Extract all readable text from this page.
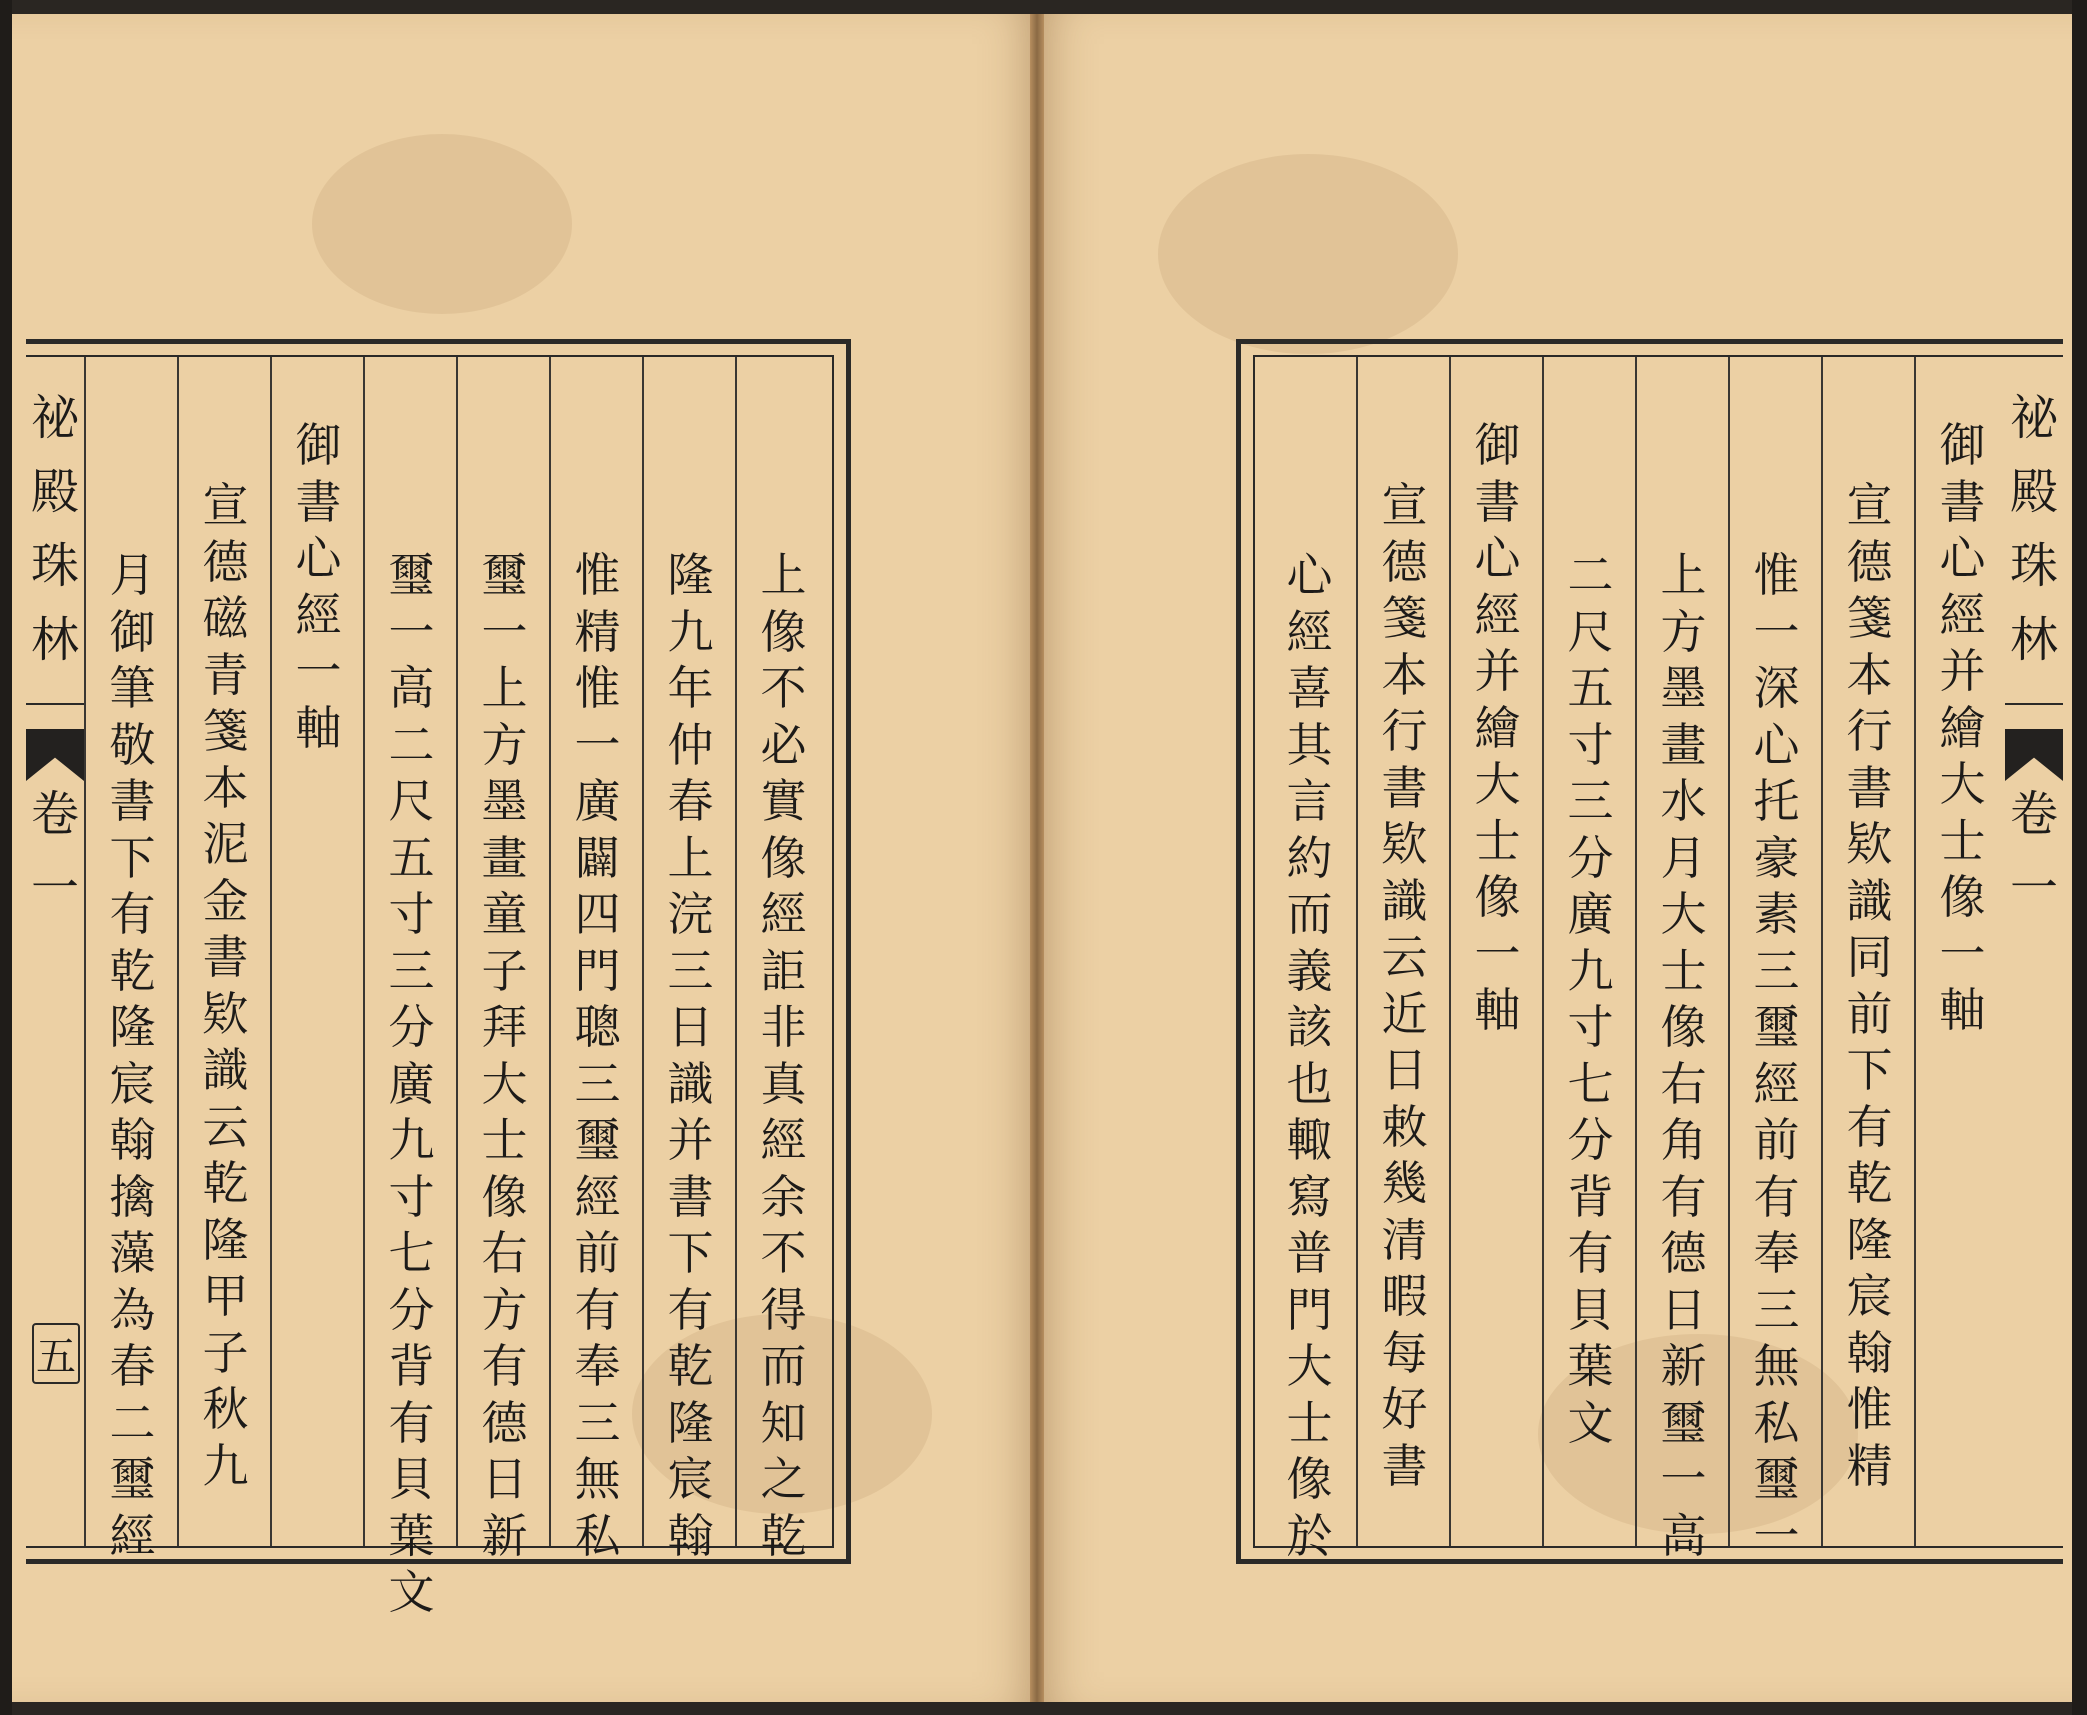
祕
殿
珠
林
卷
一
五
上
像
不
必
實
像
經
詎
非
真
經
余
不
得
而
知
之
乾
隆
九
年
仲
春
上
浣
三
日
識
并
書
下
有
乾
隆
宸
翰
惟
精
惟
一
廣
闢
四
門
聰
三
璽
經
前
有
奉
三
無
私
璽
一
上
方
墨
畫
童
子
拜
大
士
像
右
方
有
德
日
新
璽
一
高
二
尺
五
寸
三
分
廣
九
寸
七
分
背
有
貝
葉
文
御
書
心
經
一
軸
宣
德
磁
青
箋
本
泥
金
書
欵
識
云
乾
隆
甲
子
秋
九
月
御
筆
敬
書
下
有
乾
隆
宸
翰
擒
藻
為
春
二
璽
經
祕
殿
珠
林
卷
一
御
書
心
經
并
繪
大
士
像
一
軸
宣
德
箋
本
行
書
欵
識
同
前
下
有
乾
隆
宸
翰
惟
精
惟
一
深
心
托
豪
素
三
璽
經
前
有
奉
三
無
私
璽
一
上
方
墨
畫
水
月
大
士
像
右
角
有
德
日
新
璽
一
高
二
尺
五
寸
三
分
廣
九
寸
七
分
背
有
貝
葉
文
御
書
心
經
并
繪
大
士
像
一
軸
宣
德
箋
本
行
書
欵
識
云
近
日
敕
幾
清
暇
每
好
書
心
經
喜
其
言
約
而
義
該
也
輙
寫
普
門
大
士
像
於
